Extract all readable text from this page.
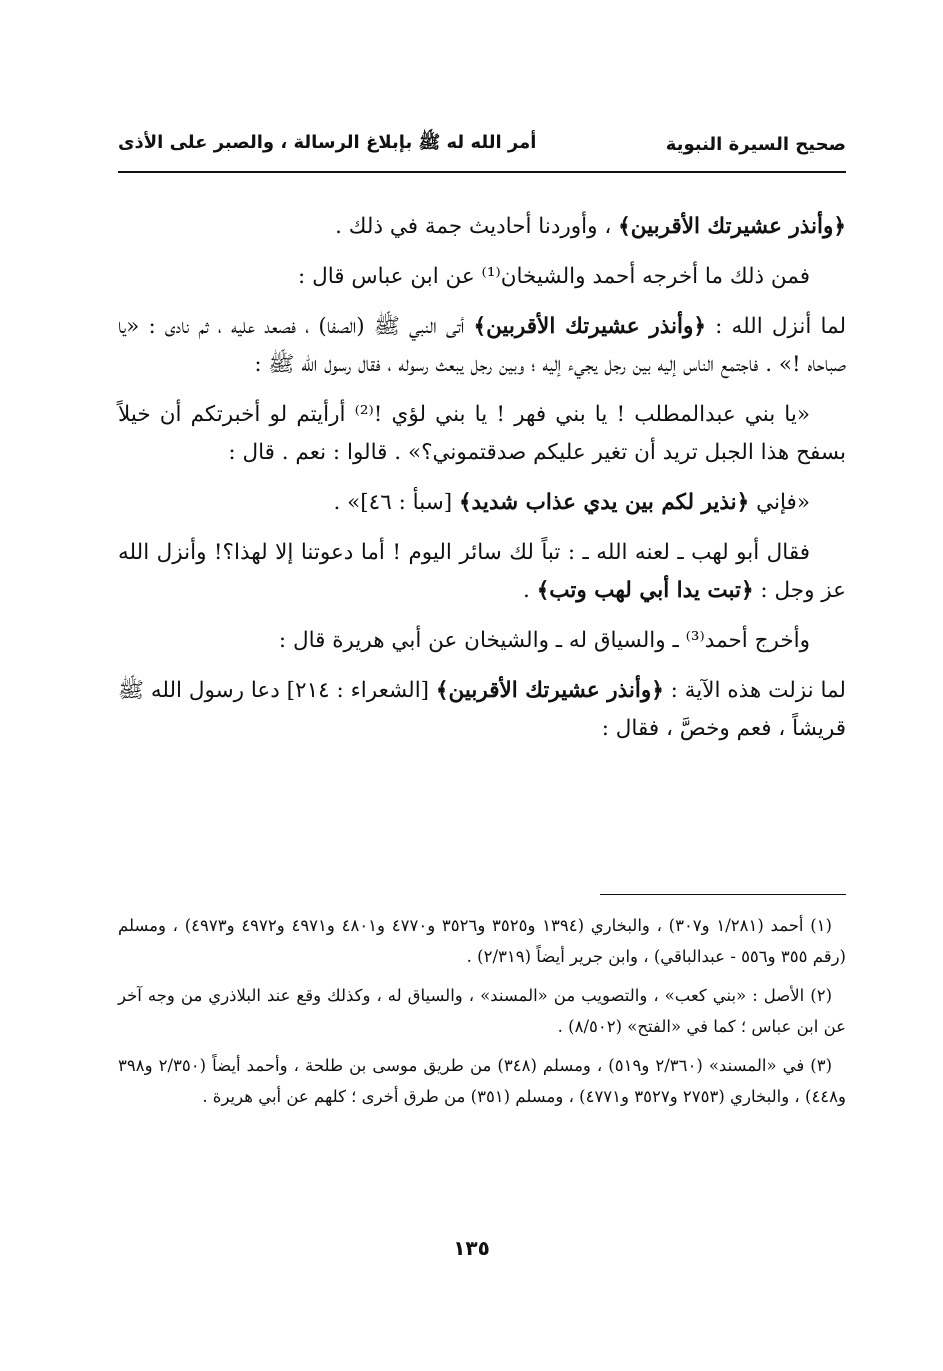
صحيح السيرة النبوية
أمر الله له ﷺ بإبلاغ الرسالة ، والصبر على الأذى

﴿وأنذر عشيرتك الأقربين﴾ ، وأوردنا أحاديث جمة في ذلك .

فمن ذلك ما أخرجه أحمد والشيخان⁽¹⁾ عن ابن عباس قال :

لما أنزل الله : ﴿وأنذر عشيرتك الأقربين﴾ أتى النبي ﷺ (الصفا) ، فصعد عليه ، ثم نادى : «يا صباحاه !» . فاجتمع الناس إليه بين رجل يجيء إليه ؛ وبين رجل يبعث رسوله ، فقال رسول الله ﷺ :

«يا بني عبدالمطلب ! يا بني فهر ! يا بني لؤي !⁽²⁾ أرأيتم لو أخبرتكم أن خيلاً بسفح هذا الجبل تريد أن تغير عليكم صدقتموني؟» . قالوا : نعم . قال :

«فإني ﴿نذير لكم بين يدي عذاب شديد﴾ [سبأ : ٤٦]» .

فقال أبو لهب ـ لعنه الله ـ : تباً لك سائر اليوم ! أما دعوتنا إلا لهذا؟! وأنزل الله عز وجل : ﴿تبت يدا أبي لهب وتب﴾ .

وأخرج أحمد⁽³⁾ ـ والسياق له ـ والشيخان عن أبي هريرة قال :

لما نزلت هذه الآية : ﴿وأنذر عشيرتك الأقربين﴾ [الشعراء : ٢١٤] دعا رسول الله ﷺ قريشاً ، فعم وخصَّ ، فقال :

(١) أحمد (١/٢٨١ و٣٠٧) ، والبخاري (١٣٩٤ و٣٥٢٥ و٣٥٢٦ و٤٧٧٠ و٤٨٠١ و٤٩٧١ و٤٩٧٢ و٤٩٧٣) ، ومسلم (رقم ٣٥٥ و٥٥٦ - عبدالباقي) ، وابن جرير أيضاً (٢/٣١٩) .

(٢) الأصل : «بني كعب» ، والتصويب من «المسند» ، والسياق له ، وكذلك وقع عند البلاذري من وجه آخر عن ابن عباس ؛ كما في «الفتح» (٨/٥٠٢) .

(٣) في «المسند» (٢/٣٦٠ و٥١٩) ، ومسلم (٣٤٨) من طريق موسى بن طلحة ، وأحمد أيضاً (٢/٣٥٠ و٣٩٨ و٤٤٨) ، والبخاري (٢٧٥٣ و٣٥٢٧ و٤٧٧١) ، ومسلم (٣٥١) من طرق أخرى ؛ كلهم عن أبي هريرة .

١٣٥
